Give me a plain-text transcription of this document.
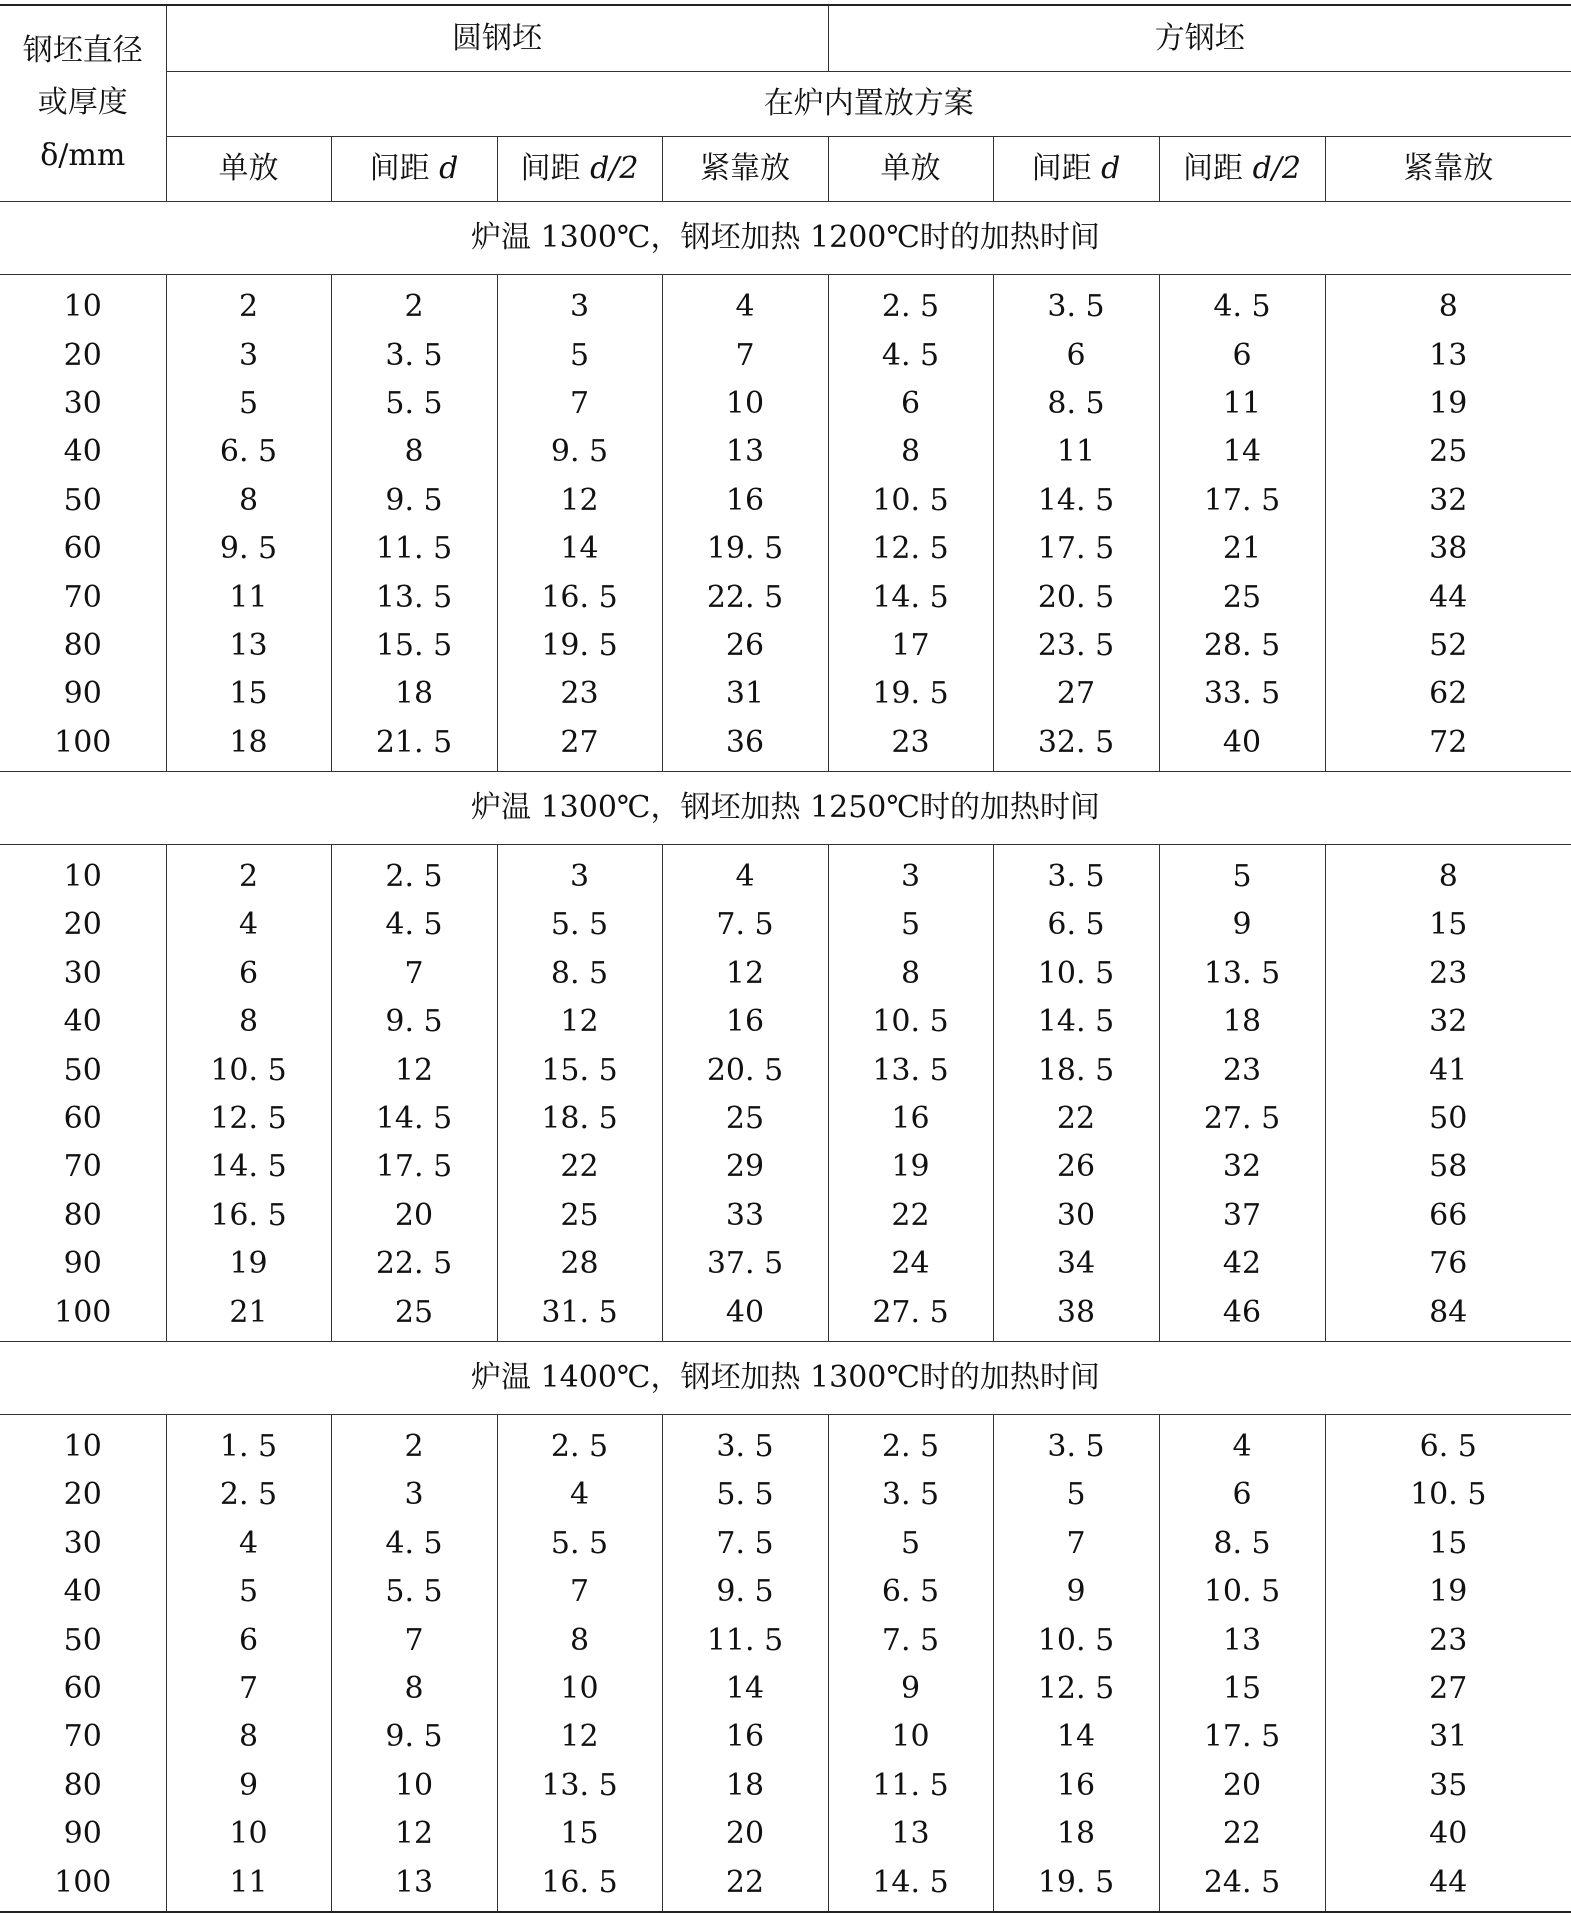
钢坯直径
或厚度
δ/mm	圆钢坯				方钢坯			
	在炉内置放方案							
	单放	间距 d	间距 d/2	紧靠放	单放	间距 d	间距 d/2	紧靠放
炉温 1300℃，钢坯加热 1200℃时的加热时间								
10	2	2	3	4	2. 5	3. 5	4. 5	8
20	3	3. 5	5	7	4. 5	6	6	13
30	5	5. 5	7	10	6	8. 5	11	19
40	6. 5	8	9. 5	13	8	11	14	25
50	8	9. 5	12	16	10. 5	14. 5	17. 5	32
60	9. 5	11. 5	14	19. 5	12. 5	17. 5	21	38
70	11	13. 5	16. 5	22. 5	14. 5	20. 5	25	44
80	13	15. 5	19. 5	26	17	23. 5	28. 5	52
90	15	18	23	31	19. 5	27	33. 5	62
100	18	21. 5	27	36	23	32. 5	40	72
炉温 1300℃，钢坯加热 1250℃时的加热时间								
10	2	2. 5	3	4	3	3. 5	5	8
20	4	4. 5	5. 5	7. 5	5	6. 5	9	15
30	6	7	8. 5	12	8	10. 5	13. 5	23
40	8	9. 5	12	16	10. 5	14. 5	18	32
50	10. 5	12	15. 5	20. 5	13. 5	18. 5	23	41
60	12. 5	14. 5	18. 5	25	16	22	27. 5	50
70	14. 5	17. 5	22	29	19	26	32	58
80	16. 5	20	25	33	22	30	37	66
90	19	22. 5	28	37. 5	24	34	42	76
100	21	25	31. 5	40	27. 5	38	46	84
炉温 1400℃，钢坯加热 1300℃时的加热时间								
10	1. 5	2	2. 5	3. 5	2. 5	3. 5	4	6. 5
20	2. 5	3	4	5. 5	3. 5	5	6	10. 5
30	4	4. 5	5. 5	7. 5	5	7	8. 5	15
40	5	5. 5	7	9. 5	6. 5	9	10. 5	19
50	6	7	8	11. 5	7. 5	10. 5	13	23
60	7	8	10	14	9	12. 5	15	27
70	8	9. 5	12	16	10	14	17. 5	31
80	9	10	13. 5	18	11. 5	16	20	35
90	10	12	15	20	13	18	22	40
100	11	13	16. 5	22	14. 5	19. 5	24. 5	44
